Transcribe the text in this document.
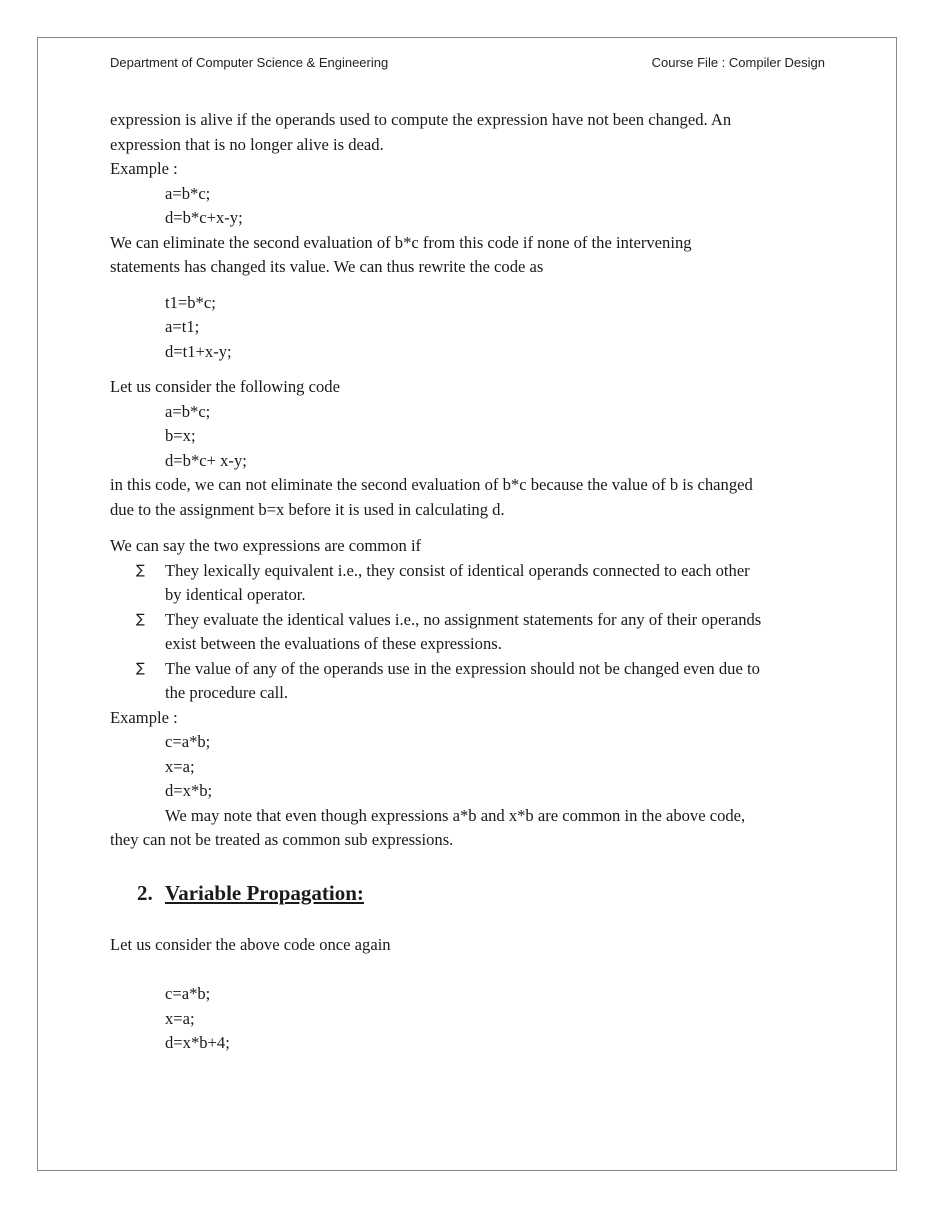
Department of Computer Science & Engineering	Course File : Compiler Design

expression is alive if the operands used to compute the expression have not been changed. An

expression that is no longer alive is dead.

Example :

a=b*c;

d=b*c+x-y;

We can eliminate the second evaluation of b*c from this code if none of the intervening

statements has changed its value. We can thus rewrite the code as

t1=b*c;

a=t1;

d=t1+x-y;

Let us consider the following code

a=b*c;

b=x;

d=b*c+ x-y;

in this code, we can not eliminate the second evaluation of b*c because the value of b is changed

due to the assignment b=x before it is used in calculating d.

We can say the two expressions are common if

∑ They lexically equivalent i.e., they consist of identical operands connected to each other
by identical operator.
∑ They evaluate the identical values i.e., no assignment statements for any of their operands
exist between the evaluations of these expressions.
∑ The value of any of the operands use in the expression should not be changed even due to
the procedure call.

Example :

c=a*b;

x=a;

d=x*b;

We may note that even though expressions a*b and x*b are common in the above code,

they can not be treated as common sub expressions.

2. Variable Propagation:

Let us consider the above code once again

c=a*b;

x=a;

d=x*b+4;
